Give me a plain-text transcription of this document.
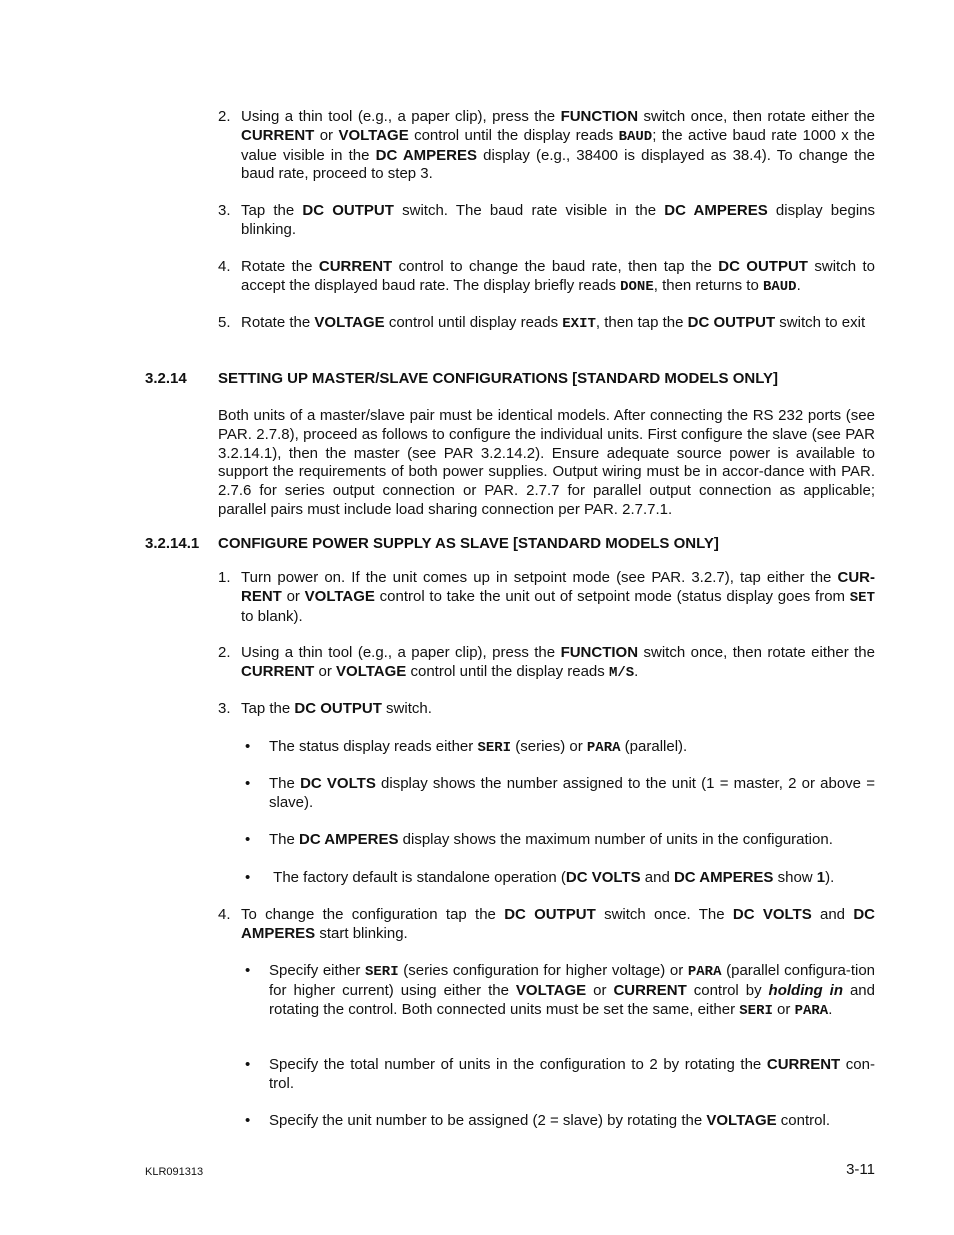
2. Using a thin tool (e.g., a paper clip), press the FUNCTION switch once, then rotate either the CURRENT or VOLTAGE control until the display reads BAUD; the active baud rate 1000 x the value visible in the DC AMPERES display (e.g., 38400 is displayed as 38.4). To change the baud rate, proceed to step 3.
3. Tap the DC OUTPUT switch. The baud rate visible in the DC AMPERES display begins blinking.
4. Rotate the CURRENT control to change the baud rate, then tap the DC OUTPUT switch to accept the displayed baud rate. The display briefly reads DONE, then returns to BAUD.
5. Rotate the VOLTAGE control until display reads EXIT, then tap the DC OUTPUT switch to exit
3.2.14 SETTING UP MASTER/SLAVE CONFIGURATIONS [STANDARD MODELS ONLY]
Both units of a master/slave pair must be identical models. After connecting the RS 232 ports (see PAR. 2.7.8), proceed as follows to configure the individual units. First configure the slave (see PAR 3.2.14.1), then the master (see PAR 3.2.14.2). Ensure adequate source power is available to support the requirements of both power supplies. Output wiring must be in accor-dance with PAR. 2.7.6 for series output connection or PAR. 2.7.7 for parallel output connection as applicable; parallel pairs must include load sharing connection per PAR. 2.7.7.1.
3.2.14.1 CONFIGURE POWER SUPPLY AS SLAVE [STANDARD MODELS ONLY]
1. Turn power on. If the unit comes up in setpoint mode (see PAR. 3.2.7), tap either the CUR-RENT or VOLTAGE control to take the unit out of setpoint mode (status display goes from SET to blank).
2. Using a thin tool (e.g., a paper clip), press the FUNCTION switch once, then rotate either the CURRENT or VOLTAGE control until the display reads M/S.
3. Tap the DC OUTPUT switch.
• The status display reads either SERI (series) or PARA (parallel).
• The DC VOLTS display shows the number assigned to the unit (1 = master, 2 or above = slave).
• The DC AMPERES display shows the maximum number of units in the configuration.
• The factory default is standalone operation (DC VOLTS and DC AMPERES show 1).
4. To change the configuration tap the DC OUTPUT switch once. The DC VOLTS and DC AMPERES start blinking.
• Specify either SERI (series configuration for higher voltage) or PARA (parallel configura-tion for higher current) using either the VOLTAGE or CURRENT control by holding in and rotating the control. Both connected units must be set the same, either SERI or PARA.
• Specify the total number of units in the configuration to 2 by rotating the CURRENT con-trol.
• Specify the unit number to be assigned (2 = slave) by rotating the VOLTAGE control.
KLR091313	3-11
